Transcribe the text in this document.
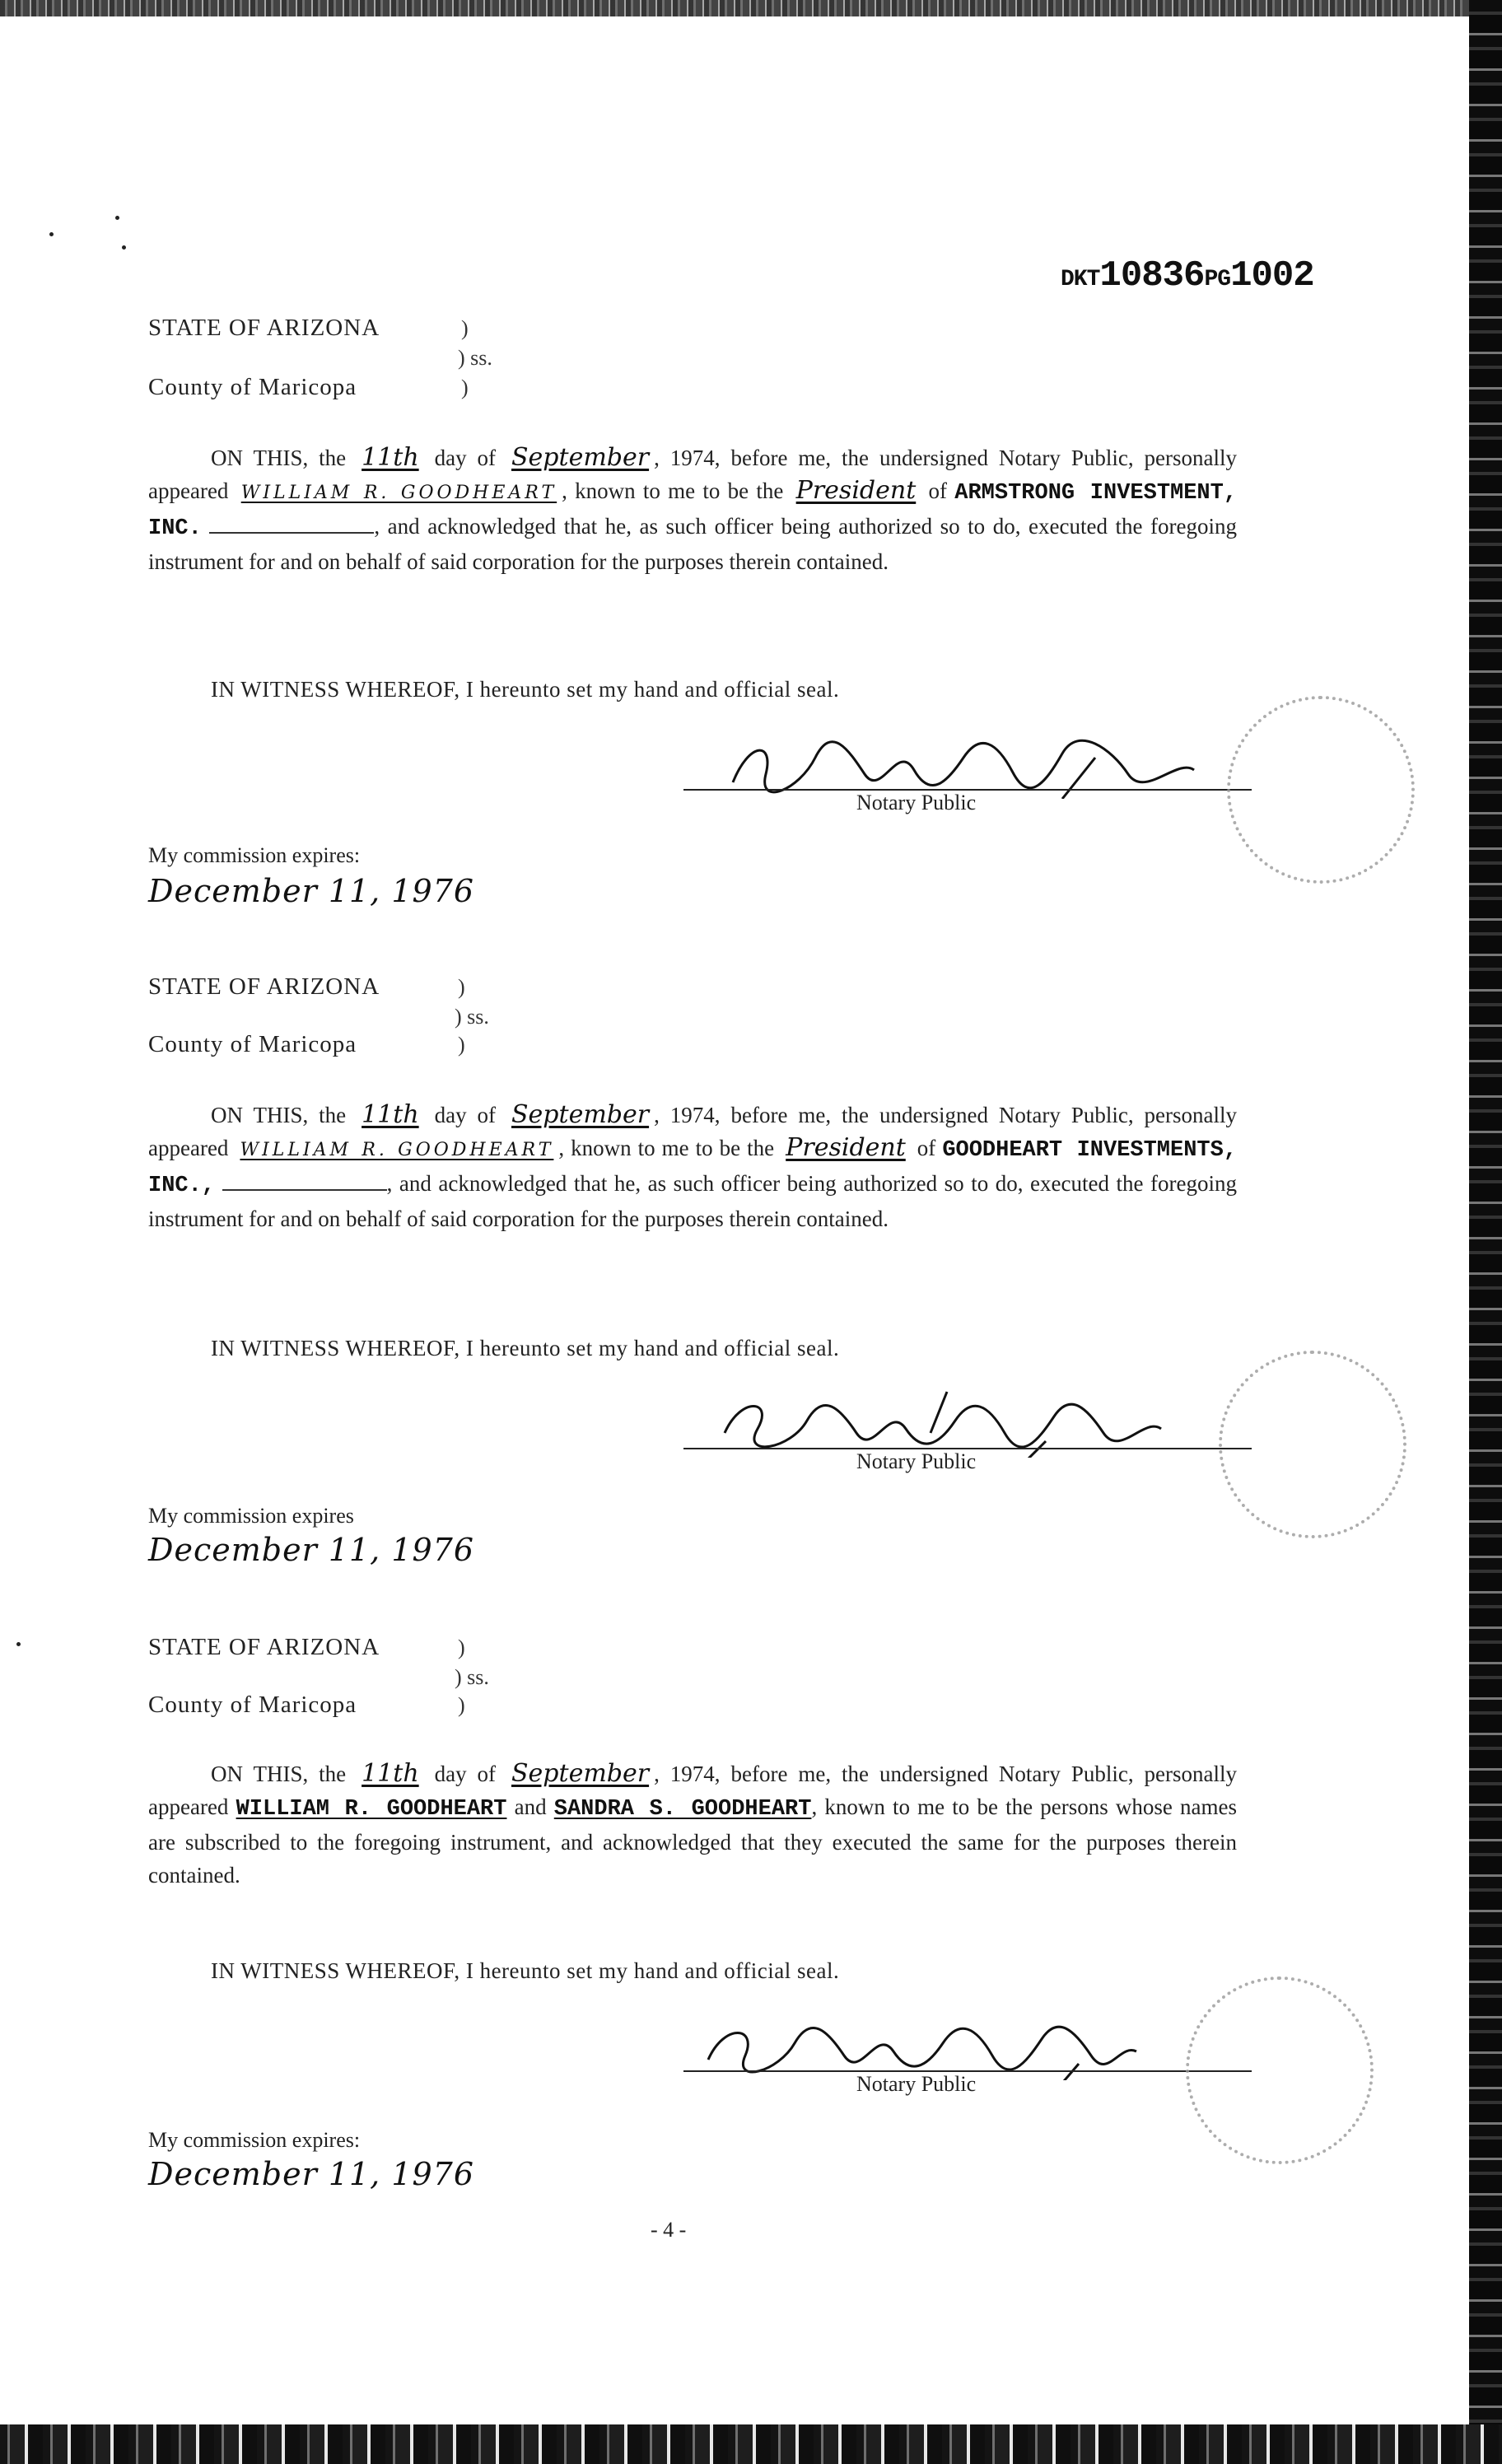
DKT10836PG1002
STATE OF ARIZONA	)
) ss.
County of Maricopa	)
ON THIS, the 11th day of September , 1974, before me, the undersigned Notary Public, personally appeared WILLIAM R. GOODHEART , known to me to be the President of ARMSTRONG INVESTMENT, INC.	, and acknowledged that he, as such officer being authorized so to do, executed the foregoing instrument for and on behalf of said corporation for the purposes therein contained.
IN WITNESS WHEREOF, I hereunto set my hand and official seal.
Notary Public
My commission expires:
December 11, 1976
STATE OF ARIZONA	)
) ss.
County of Maricopa	)
ON THIS, the 11th day of September , 1974, before me, the undersigned Notary Public, personally appeared WILLIAM R. GOODHEART , known to me to be the President of GOODHEART INVESTMENTS, INC.,	, and acknowledged that he, as such officer being authorized so to do, executed the foregoing instrument for and on behalf of said corporation for the purposes therein contained.
IN WITNESS WHEREOF, I hereunto set my hand and official seal.
Notary Public
My commission expires
December 11, 1976
STATE OF ARIZONA	)
) ss.
County of Maricopa	)
ON THIS, the 11th day of September , 1974, before me, the undersigned Notary Public, personally appeared WILLIAM R. GOODHEART and SANDRA S. GOODHEART, known to me to be the persons whose names are subscribed to the foregoing instrument, and acknowledged that they executed the same for the purposes therein contained.
IN WITNESS WHEREOF, I hereunto set my hand and official seal.
Notary Public
My commission expires:
December 11, 1976
- 4 -
